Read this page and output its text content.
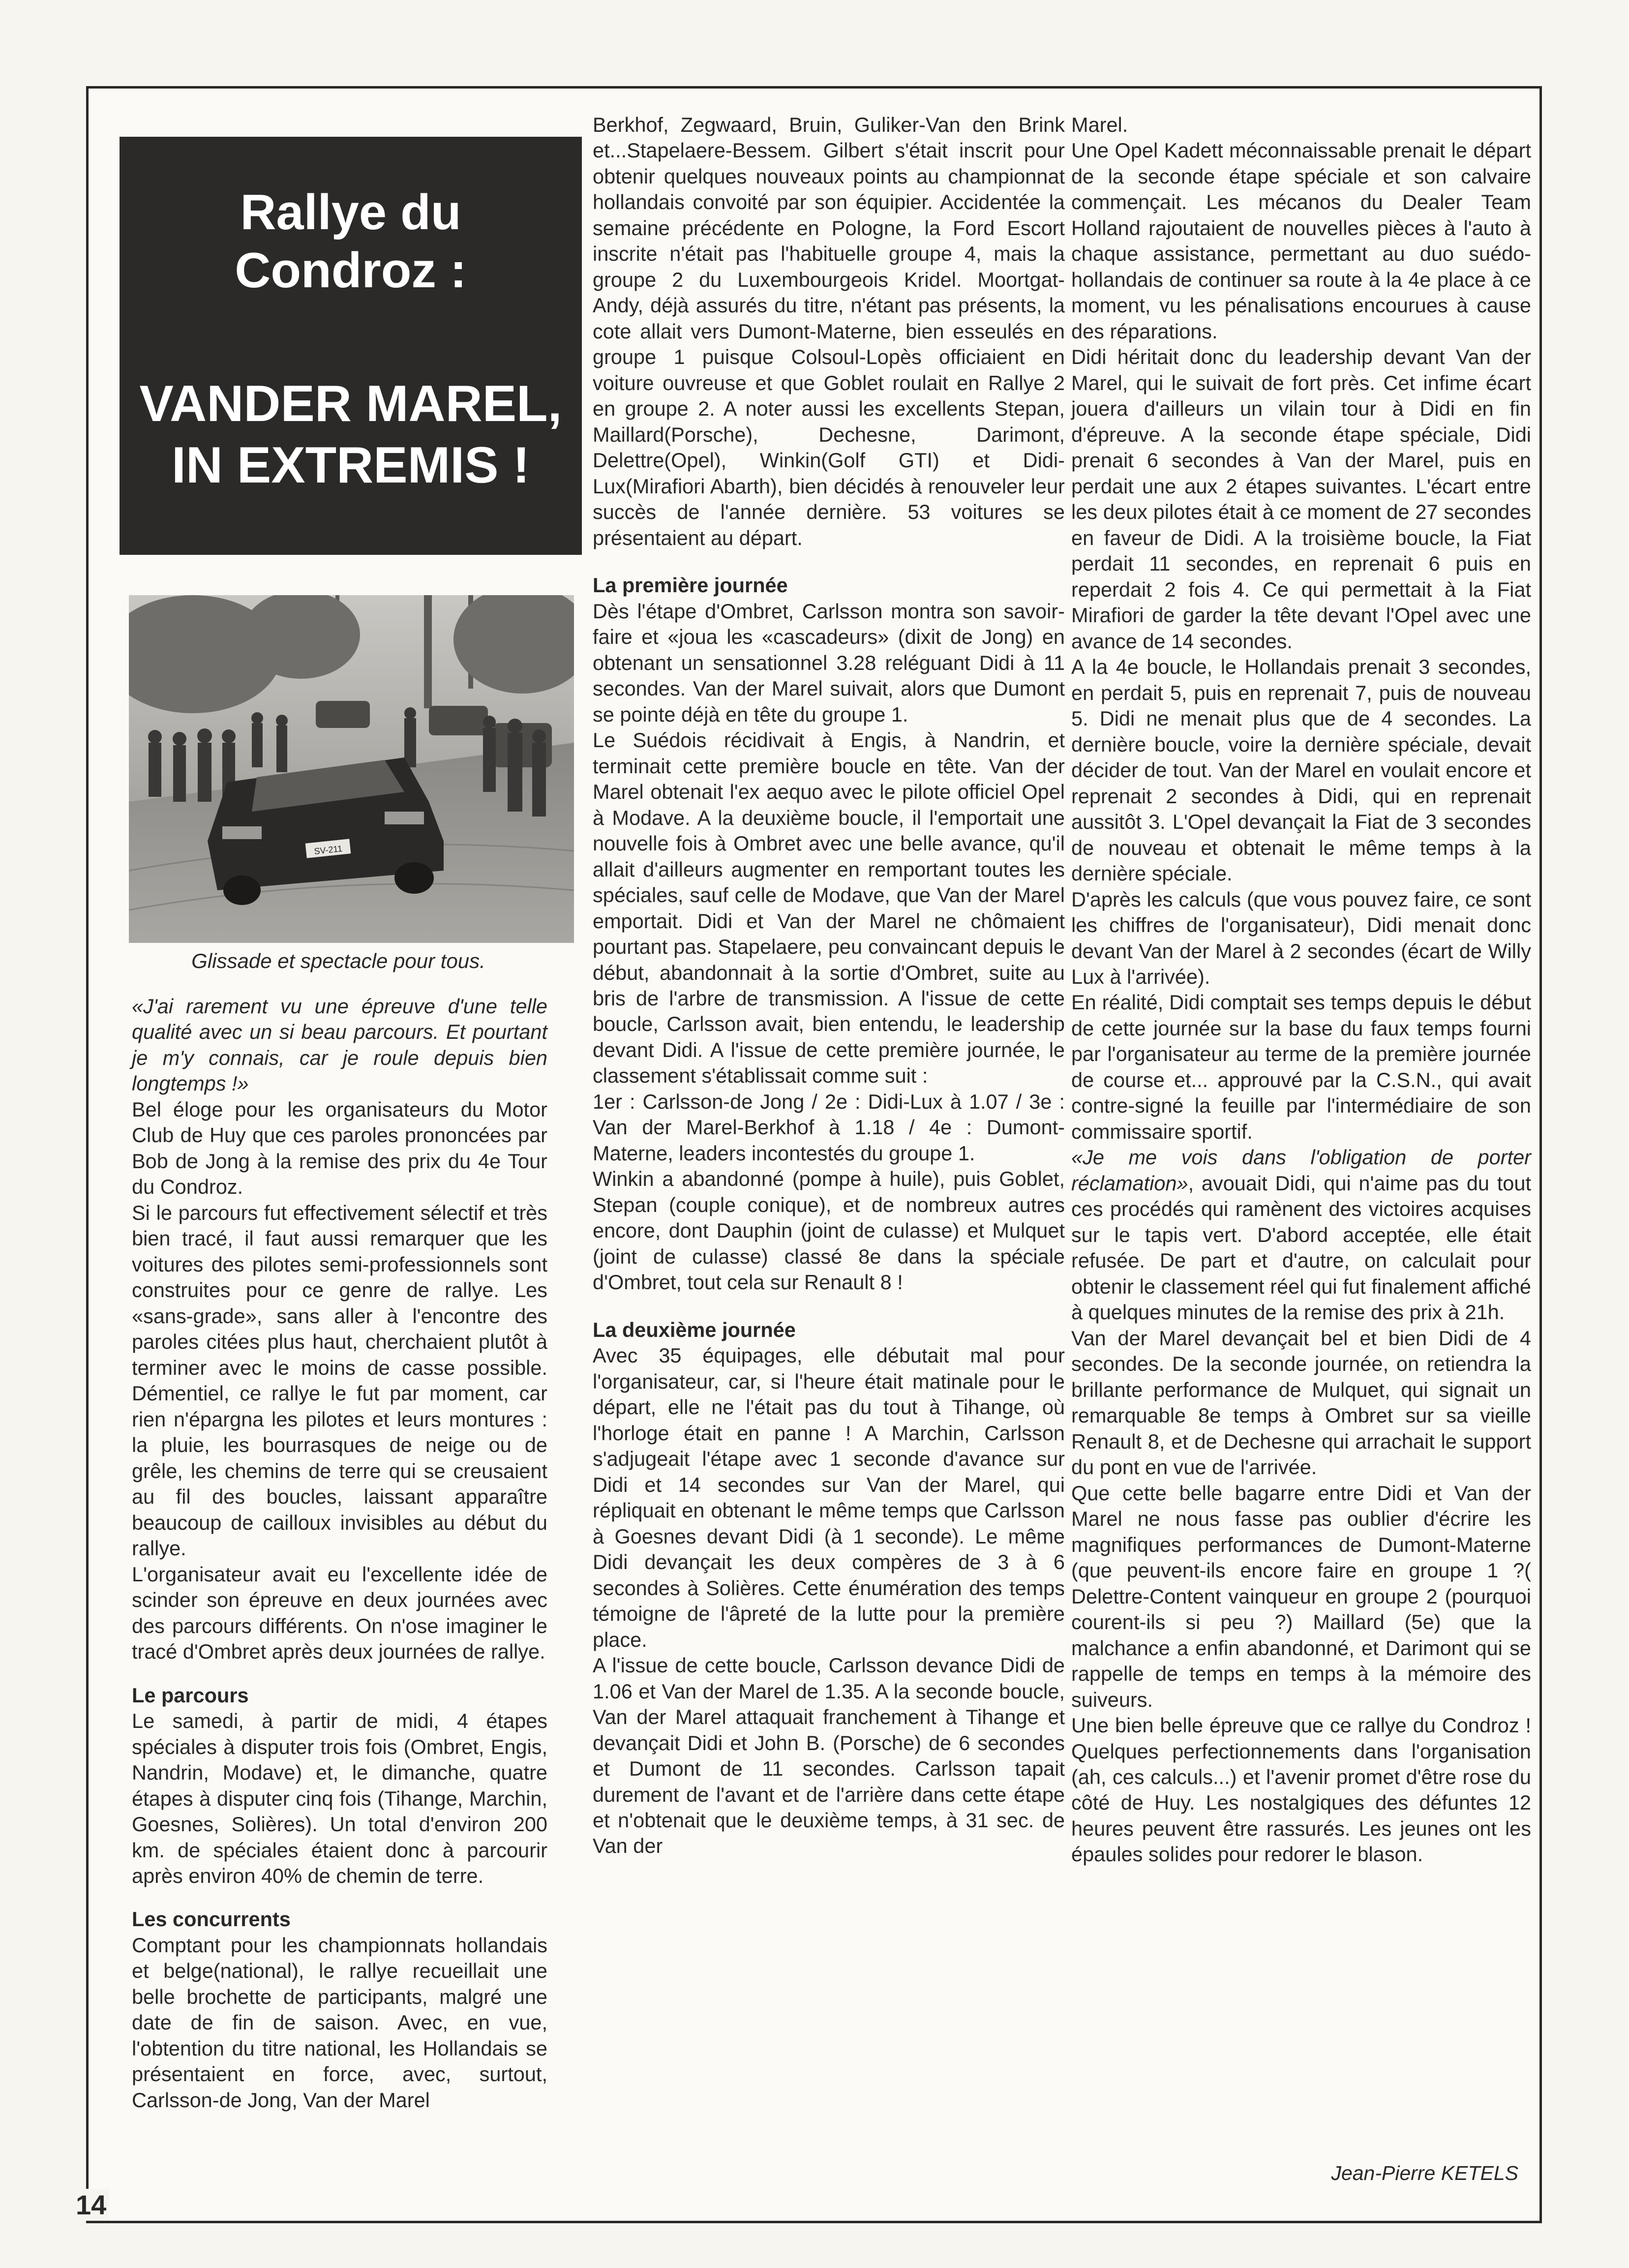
Rallye du
Condroz :
VANDER MAREL,
IN EXTREMIS !
SV-211
Glissade et spectacle pour tous.

«J'ai rarement vu une épreuve d'une telle qualité avec un si beau parcours. Et pourtant je m'y connais, car je roule depuis bien longtemps !»

Bel éloge pour les organisateurs du Motor Club de Huy que ces paroles prononcées par Bob de Jong à la remise des prix du 4e Tour du Condroz.

Si le parcours fut effectivement sélectif et très bien tracé, il faut aussi remarquer que les voitures des pilotes semi-professionnels sont construites pour ce genre de rallye. Les «sans-grade», sans aller à l'encontre des paroles citées plus haut, cherchaient plutôt à terminer avec le moins de casse possible. Démentiel, ce rallye le fut par moment, car rien n'épargna les pilotes et leurs montures : la pluie, les bourrasques de neige ou de grêle, les chemins de terre qui se creusaient au fil des boucles, laissant apparaître beaucoup de cailloux invisibles au début du rallye.

L'organisateur avait eu l'excellente idée de scinder son épreuve en deux journées avec des parcours différents. On n'ose imaginer le tracé d'Ombret après deux journées de rallye.

Le parcours

Le samedi, à partir de midi, 4 étapes spéciales à disputer trois fois (Ombret, Engis, Nandrin, Modave) et, le dimanche, quatre étapes à disputer cinq fois (Tihange, Marchin, Goesnes, Solières). Un total d'environ 200 km. de spéciales étaient donc à parcourir après environ 40% de chemin de terre.

Les concurrents

Comptant pour les championnats hollandais et belge(national), le rallye recueillait une belle brochette de participants, malgré une date de fin de saison. Avec, en vue, l'obtention du titre national, les Hollandais se présentaient en force, avec, surtout, Carlsson-de Jong, Van der Marel

Berkhof, Zegwaard, Bruin, Guliker-Van den Brink et...Stapelaere-Bessem. Gilbert s'était inscrit pour obtenir quelques nouveaux points au championnat hollandais convoité par son équipier. Accidentée la semaine précédente en Pologne, la Ford Escort inscrite n'était pas l'habituelle groupe 4, mais la groupe 2 du Luxembourgeois Kridel. Moortgat-Andy, déjà assurés du titre, n'étant pas présents, la cote allait vers Dumont-Materne, bien esseulés en groupe 1 puisque Colsoul-Lopès officiaient en voiture ouvreuse et que Goblet roulait en Rallye 2 en groupe 2. A noter aussi les excellents Stepan, Maillard(Porsche), Dechesne, Darimont, Delettre(Opel), Winkin(Golf GTI) et Didi-Lux(Mirafiori Abarth), bien décidés à renouveler leur succès de l'année dernière. 53 voitures se présentaient au départ.

La première journée

Dès l'étape d'Ombret, Carlsson montra son savoir-faire et «joua les «cascadeurs» (dixit de Jong) en obtenant un sensationnel 3.28 reléguant Didi à 11 secondes. Van der Marel suivait, alors que Dumont se pointe déjà en tête du groupe 1.

Le Suédois récidivait à Engis, à Nandrin, et terminait cette première boucle en tête. Van der Marel obtenait l'ex aequo avec le pilote officiel Opel à Modave. A la deuxième boucle, il l'emportait une nouvelle fois à Ombret avec une belle avance, qu'il allait d'ailleurs augmenter en remportant toutes les spéciales, sauf celle de Modave, que Van der Marel emportait. Didi et Van der Marel ne chômaient pourtant pas. Stapelaere, peu convaincant depuis le début, abandonnait à la sortie d'Ombret, suite au bris de l'arbre de transmission. A l'issue de cette boucle, Carlsson avait, bien entendu, le leadership devant Didi. A l'issue de cette première journée, le classement s'établissait comme suit :

1er : Carlsson-de Jong / 2e : Didi-Lux à 1.07 / 3e : Van der Marel-Berkhof à 1.18 / 4e : Dumont-Materne, leaders incontestés du groupe 1.

Winkin a abandonné (pompe à huile), puis Goblet, Stepan (couple conique), et de nombreux autres encore, dont Dauphin (joint de culasse) et Mulquet (joint de culasse) classé 8e dans la spéciale d'Ombret, tout cela sur Renault 8 !

La deuxième journée

Avec 35 équipages, elle débutait mal pour l'organisateur, car, si l'heure était matinale pour le départ, elle ne l'était pas du tout à Tihange, où l'horloge était en panne ! A Marchin, Carlsson s'adjugeait l'étape avec 1 seconde d'avance sur Didi et 14 secondes sur Van der Marel, qui répliquait en obtenant le même temps que Carlsson à Goesnes devant Didi (à 1 seconde). Le même Didi devançait les deux compères de 3 à 6 secondes à Solières. Cette énumération des temps témoigne de l'âpreté de la lutte pour la première place.

A l'issue de cette boucle, Carlsson devance Didi de 1.06 et Van der Marel de 1.35. A la seconde boucle, Van der Marel attaquait franchement à Tihange et devançait Didi et John B. (Porsche) de 6 secondes et Dumont de 11 secondes. Carlsson tapait durement de l'avant et de l'arrière dans cette étape et n'obtenait que le deuxième temps, à 31 sec. de Van der

Marel.

Une Opel Kadett méconnaissable prenait le départ de la seconde étape spéciale et son calvaire commençait. Les mécanos du Dealer Team Holland rajoutaient de nouvelles pièces à l'auto à chaque assistance, permettant au duo suédo-hollandais de continuer sa route à la 4e place à ce moment, vu les pénalisations encourues à cause des réparations.

Didi héritait donc du leadership devant Van der Marel, qui le suivait de fort près. Cet infime écart jouera d'ailleurs un vilain tour à Didi en fin d'épreuve. A la seconde étape spéciale, Didi prenait 6 secondes à Van der Marel, puis en perdait une aux 2 étapes suivantes. L'écart entre les deux pilotes était à ce moment de 27 secondes en faveur de Didi. A la troisième boucle, la Fiat perdait 11 secondes, en reprenait 6 puis en reperdait 2 fois 4. Ce qui permettait à la Fiat Mirafiori de garder la tête devant l'Opel avec une avance de 14 secondes.

A la 4e boucle, le Hollandais prenait 3 secondes, en perdait 5, puis en reprenait 7, puis de nouveau 5. Didi ne menait plus que de 4 secondes. La dernière boucle, voire la dernière spéciale, devait décider de tout. Van der Marel en voulait encore et reprenait 2 secondes à Didi, qui en reprenait aussitôt 3. L'Opel devançait la Fiat de 3 secondes de nouveau et obtenait le même temps à la dernière spéciale.

D'après les calculs (que vous pouvez faire, ce sont les chiffres de l'organisateur), Didi menait donc devant Van der Marel à 2 secondes (écart de Willy Lux à l'arrivée).

En réalité, Didi comptait ses temps depuis le début de cette journée sur la base du faux temps fourni par l'organisateur au terme de la première journée de course et... approuvé par la C.S.N., qui avait contre-signé la feuille par l'intermédiaire de son commissaire sportif.

«Je me vois dans l'obligation de porter réclamation», avouait Didi, qui n'aime pas du tout ces procédés qui ramènent des victoires acquises sur le tapis vert. D'abord acceptée, elle était refusée. De part et d'autre, on calculait pour obtenir le classement réel qui fut finalement affiché à quelques minutes de la remise des prix à 21h.

Van der Marel devançait bel et bien Didi de 4 secondes. De la seconde journée, on retiendra la brillante performance de Mulquet, qui signait un remarquable 8e temps à Ombret sur sa vieille Renault 8, et de Dechesne qui arrachait le support du pont en vue de l'arrivée.

Que cette belle bagarre entre Didi et Van der Marel ne nous fasse pas oublier d'écrire les magnifiques performances de Dumont-Materne (que peuvent-ils encore faire en groupe 1 ?( Delettre-Content vainqueur en groupe 2 (pourquoi courent-ils si peu ?) Maillard (5e) que la malchance a enfin abandonné, et Darimont qui se rappelle de temps en temps à la mémoire des suiveurs.

Une bien belle épreuve que ce rallye du Condroz ! Quelques perfectionnements dans l'organisation (ah, ces calculs...) et l'avenir promet d'être rose du côté de Huy. Les nostalgiques des défuntes 12 heures peuvent être rassurés. Les jeunes ont les épaules solides pour redorer le blason.

Jean-Pierre KETELS
14
